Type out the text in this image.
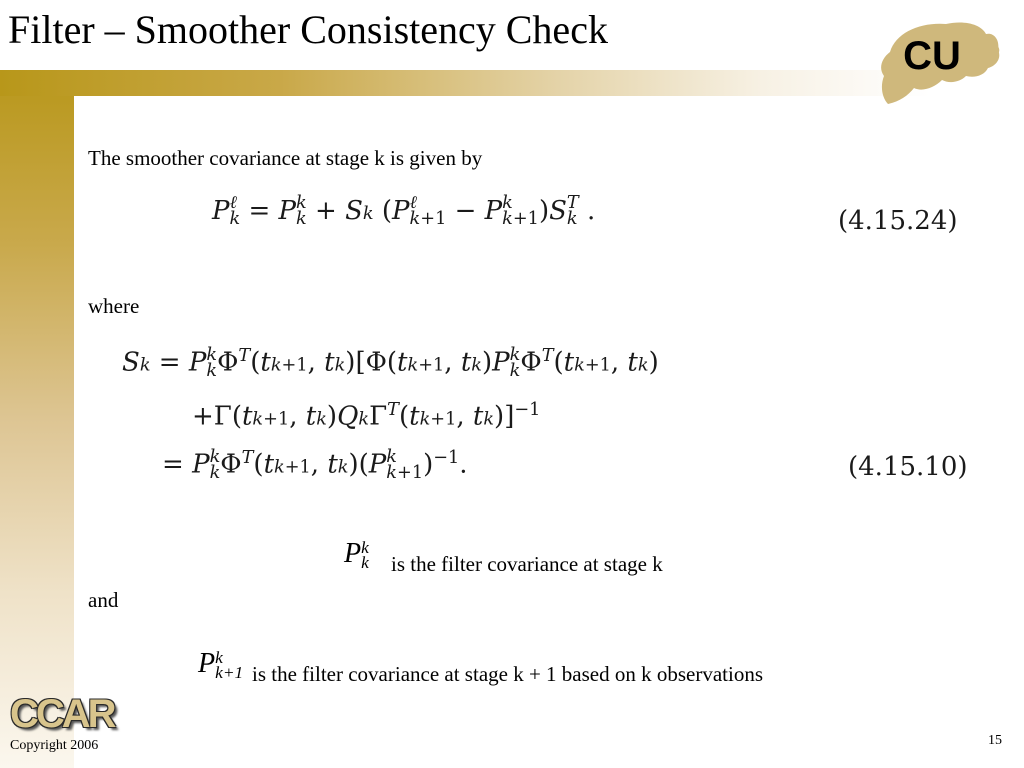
Filter – Smoother Consistency Check
CU
The smoother covariance at stage k is given by
P ℓ
k = P k
k + Sk (P ℓ
k+1 − P k
k+1 )S T
k .	(4.15.24)
where
Sk = P k
k $\Phi^T(tk+1$, tk)[Φ(tk+1, tk)P k
k $\Phi^T(tk+1$, tk)
+Γ(tk+1, tk)QkΓ$^T$(tk+1, tk)]$^{-1}$
= P k
k $\Phi^T(tk+1$, tk)(P k
k+1 )$^{-1}$.	(4.15.10)
P k
k is the filter covariance at stage k
and
P k
k+1 is the filter covariance at stage k + 1 based on k observations
CCAR
Copyright 2006	15
